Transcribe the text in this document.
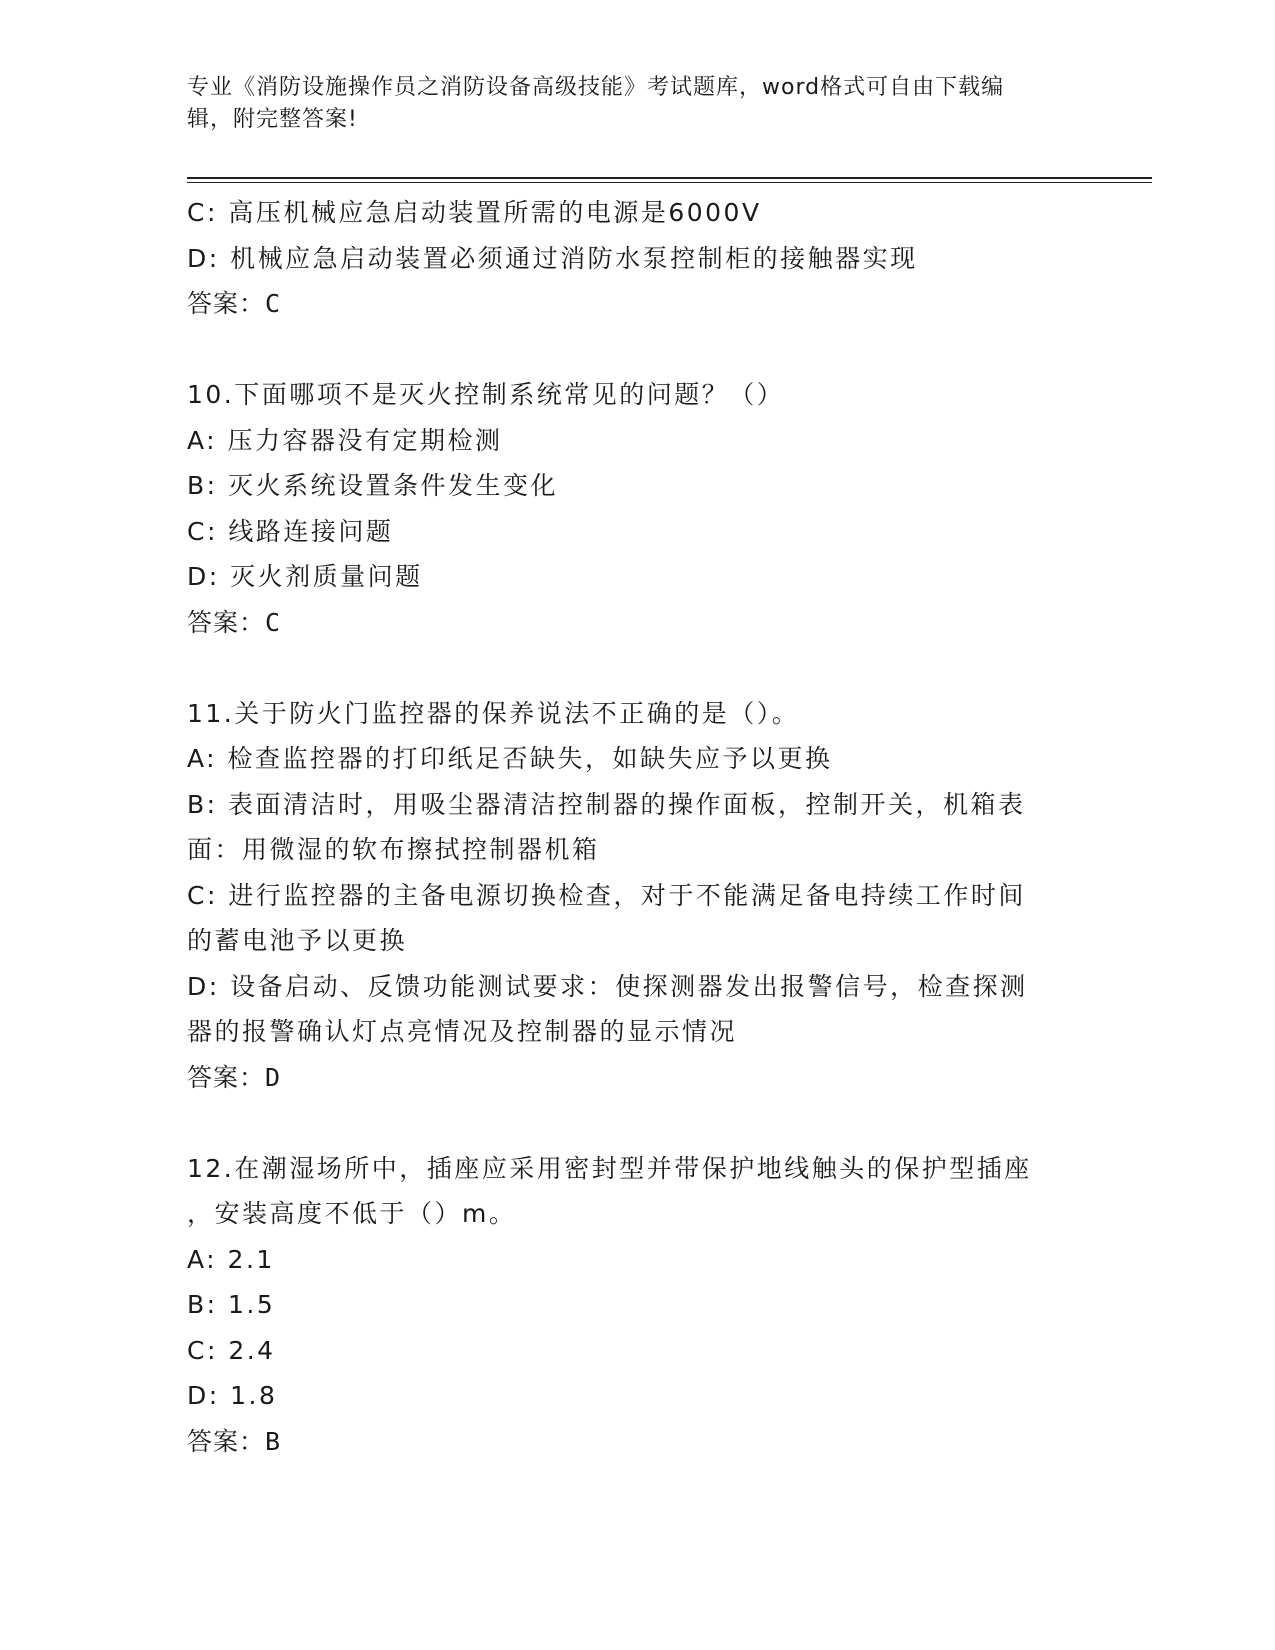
专业《消防设施操作员之消防设备高级技能》考试题库，word格式可自由下载编
辑，附完整答案!
C: 高压机械应急启动装置所需的电源是6000V
D: 机械应急启动装置必须通过消防水泵控制柜的接触器实现
答案：C
10.下面哪项不是灭火控制系统常见的问题？（）
A: 压力容器没有定期检测
B: 灭火系统设置条件发生变化
C: 线路连接问题
D: 灭火剂质量问题
答案：C
11.关于防火门监控器的保养说法不正确的是（）。
A: 检查监控器的打印纸足否缺失，如缺失应予以更换
B: 表面清洁时，用吸尘器清洁控制器的操作面板，控制开关，机箱表
面：用微湿的软布擦拭控制器机箱
C: 进行监控器的主备电源切换检查，对于不能满足备电持续工作时间
的蓄电池予以更换
D: 设备启动、反馈功能测试要求：使探测器发出报警信号，检查探测
器的报警确认灯点亮情况及控制器的显示情况
答案：D
12.在潮湿场所中，插座应采用密封型并带保护地线触头的保护型插座
，安装高度不低于（）m。
A: 2.1
B: 1.5
C: 2.4
D: 1.8
答案：B
